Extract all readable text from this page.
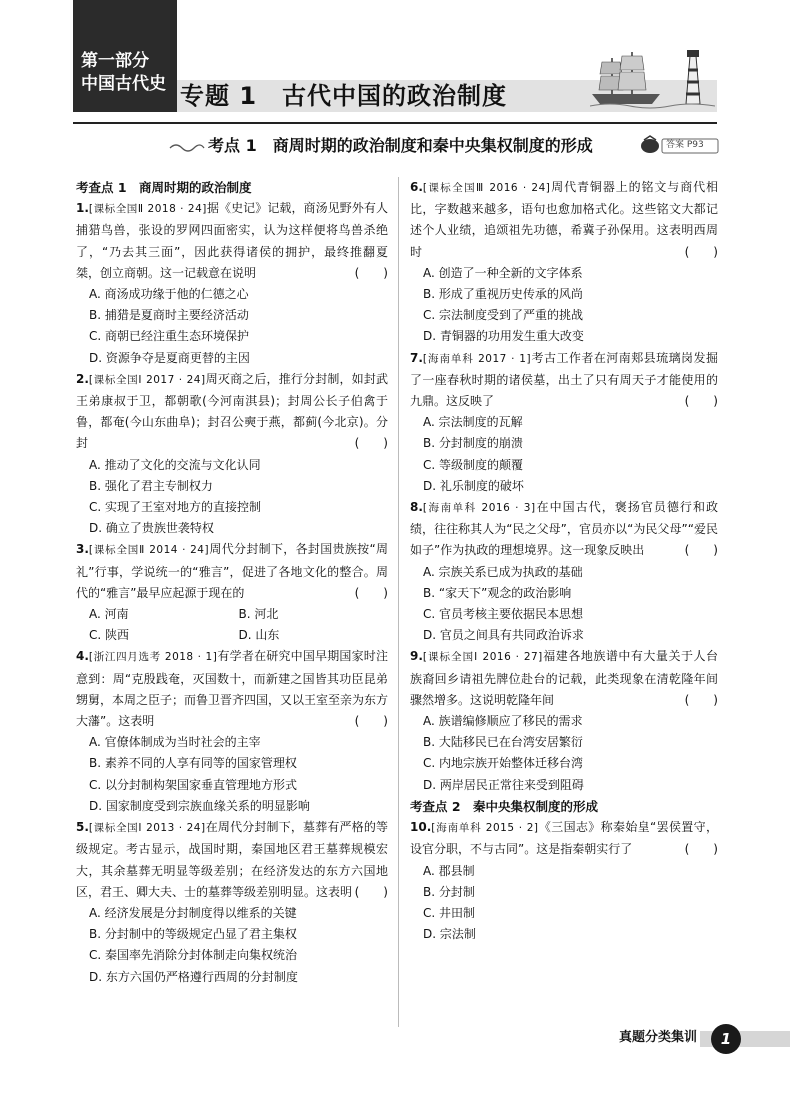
第一部分
中国古代史 专题 1　古代中国的政治制度
考点 1　商周时期的政治制度和秦中央集权制度的形成	答案 P93
考查点 1　商周时期的政治制度
1.[课标全国Ⅱ 2018 · 24]据《史记》记载，商汤见野外有人捕猎鸟兽，张设的罗网四面密实，认为这样便将鸟兽杀绝了，“乃去其三面”，因此获得诸侯的拥护，最终推翻夏桀，创立商朝。这一记载意在说明	(　　)
A. 商汤成功缘于他的仁德之心
B. 捕猎是夏商时主要经济活动
C. 商朝已经注重生态环境保护
D. 资源争夺是夏商更替的主因
2.[课标全国Ⅰ 2017 · 24]周灭商之后，推行分封制，如封武王弟康叔于卫，都朝歌(今河南淇县)；封周公长子伯禽于鲁，都奄(今山东曲阜)；封召公奭于燕，都蓟(今北京)。分封	(　　)
A. 推动了文化的交流与文化认同
B. 强化了君主专制权力
C. 实现了王室对地方的直接控制
D. 确立了贵族世袭特权
3.[课标全国Ⅱ 2014 · 24]周代分封制下，各封国贵族按“周礼”行事，学说统一的“雅言”，促进了各地文化的整合。周代的“雅言”最早应起源于现在的	(　　)
A. 河南	B. 河北
C. 陕西	D. 山东
4.[浙江四月选考 2018 · 1]有学者在研究中国早期国家时注意到：周“克殷践奄，灭国数十，而新建之国皆其功臣昆弟甥舅，本周之臣子；而鲁卫晋齐四国，又以王室至亲为东方大藩”。这表明	(　　)
A. 官僚体制成为当时社会的主宰
B. 素养不同的人享有同等的国家管理权
C. 以分封制构架国家垂直管理地方形式
D. 国家制度受到宗族血缘关系的明显影响
5.[课标全国Ⅰ 2013 · 24]在周代分封制下，墓葬有严格的等级规定。考古显示，战国时期，秦国地区君王墓葬规模宏大，其余墓葬无明显等级差别；在经济发达的东方六国地区，君王、卿大夫、士的墓葬等级差别明显。这表明 (　　)
A. 经济发展是分封制度得以维系的关键
B. 分封制中的等级规定凸显了君主集权
C. 秦国率先消除分封体制走向集权统治
D. 东方六国仍严格遵行西周的分封制度
6.[课标全国Ⅲ 2016 · 24]周代青铜器上的铭文与商代相比，字数越来越多，语句也愈加格式化。这些铭文大都记述个人业绩，追颂祖先功德，希冀子孙保用。这表明西周时	(　　)
A. 创造了一种全新的文字体系
B. 形成了重视历史传承的风尚
C. 宗法制度受到了严重的挑战
D. 青铜器的功用发生重大改变
7.[海南单科 2017 · 1]考古工作者在河南郏县琉璃岗发掘了一座春秋时期的诸侯墓，出土了只有周天子才能使用的九鼎。这反映了	(　　)
A. 宗法制度的瓦解
B. 分封制度的崩溃
C. 等级制度的颠覆
D. 礼乐制度的破坏
8.[海南单科 2016 · 3]在中国古代，褒扬官员德行和政绩，往往称其人为“民之父母”，官员亦以“为民父母”“爱民如子”作为执政的理想境界。这一现象反映出	(　　)
A. 宗族关系已成为执政的基础
B. “家天下”观念的政治影响
C. 官员考核主要依据民本思想
D. 官员之间具有共同政治诉求
9.[课标全国Ⅰ 2016 · 27]福建各地族谱中有大量关于人台族裔回乡请祖先牌位赴台的记载，此类现象在清乾隆年间骤然增多。这说明乾隆年间	(　　)
A. 族谱编修顺应了移民的需求
B. 大陆移民已在台湾安居繁衍
C. 内地宗族开始整体迁移台湾
D. 两岸居民正常往来受到阻碍
考查点 2　秦中央集权制度的形成
10.[海南单科 2015 · 2]《三国志》称秦始皇“罢侯置守，设官分职，不与古同”。这是指秦朝实行了	(　　)
A. 郡县制
B. 分封制
C. 井田制
D. 宗法制
真题分类集训	1
